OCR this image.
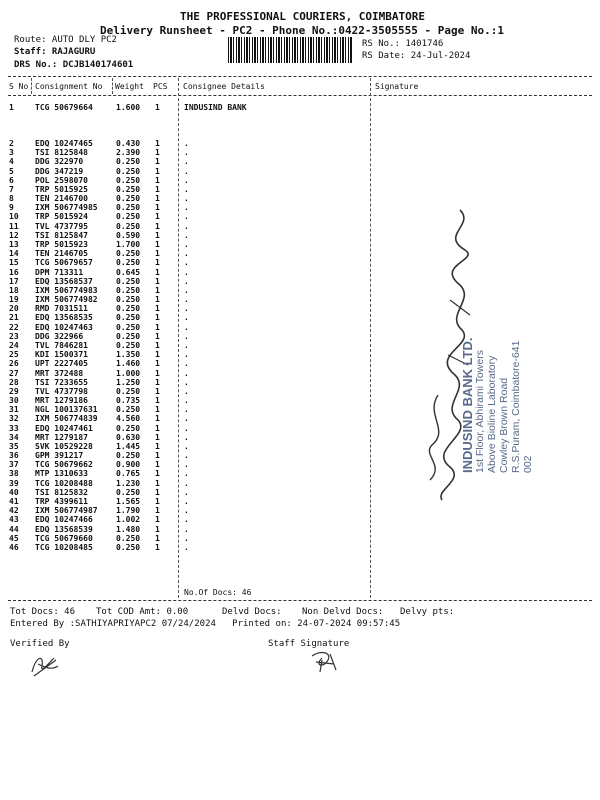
THE PROFESSIONAL COURIERS, COIMBATORE
Delivery Runsheet - PC2 - Phone No.:0422-3505555 - Page No.:1
Route: AUTO DLY PC2
Staff: RAJAGURU
DRS No.: DCJB140174601
RS No.: 1401746
RS Date: 24-Jul-2024
S No Consignment No Weight PCS Consignee Details	Signature
1	TCG 50679664	1.600 1	INDUSIND BANK
2	EDQ 10247465	0.430 1	.
3	TSI 8125848	2.390 1	.
4	DDG 322970	0.250 1	.
5	DDG 347219	0.250 1	.
6	POL 2598070	0.250 1	.
7	TRP 5015925	0.250 1	.
8	TEN 2146700	0.250 1	.
9	IXM 506774985 0.250 1	.
10 TRP 5015924	0.250 1	.
11 TVL 4737795	0.250 1	.
12 TSI 8125847	0.590 1	.
13 TRP 5015923	1.700 1	.
14 TEN 2146705	0.250 1	.
15 TCG 50679657	0.250 1	.
16 DPM 713311	0.645 1	.
17 EDQ 13568537	0.250 1	.
18 IXM 506774983 0.250 1	.
19 IXM 506774982 0.250 1	.
20 RMD 7031511	0.250 1	.
21 EDQ 13568535	0.250 1	.
22 EDQ 10247463	0.250 1	.
23 DDG 322966	0.250 1	.
24 TVL 7846281	0.250 1	.
25 KDI 1500371	1.350 1	.
26 UPT 2227405	1.460 1	.
27 MRT 372488	1.000 1	.
28 TSI 7233655	1.250 1	.
29 TVL 4737798	0.250 1	.
30 MRT 1279186	0.735 1	.
31 NGL 100137631 0.250 1	.
32 IXM 506774839 4.560 1	.
33 EDQ 10247461	0.250 1	.
34 MRT 1279187	0.630 1	.
35 SVK 10529228	1.445 1	.
36 GPM 391217	0.250 1	.
37 TCG 50679662	0.900 1	.
38 MTP 1310633	0.765 1	.
39 TCG 10208488	1.230 1	.
40 TSI 8125832	0.250 1	.
41 TRP 4399611	1.565 1	.
42 IXM 506774987 1.790 1	.
43 EDQ 10247466	1.002 1	.
44 EDQ 13568539	1.480 1	.
45 TCG 50679660	0.250 1	.
46 TCG 10208485	0.250 1	.
No.Of Docs: 46
INDUSIND BANK LTD. 1st Floor, Abhirami Towers Above Bioline Laboratory Cowley Brown Road R.S.Puram, Coimbatore-641 002
Tot Docs: 46 Tot COD Amt: 0.00	Delvd Docs: Non Delvd Docs: Delvy pts:
Entered By :SATHIYAPRIYAPC2 07/24/2024 Printed on: 24-07-2024 09:57:45
Verified By	Staff Signature
